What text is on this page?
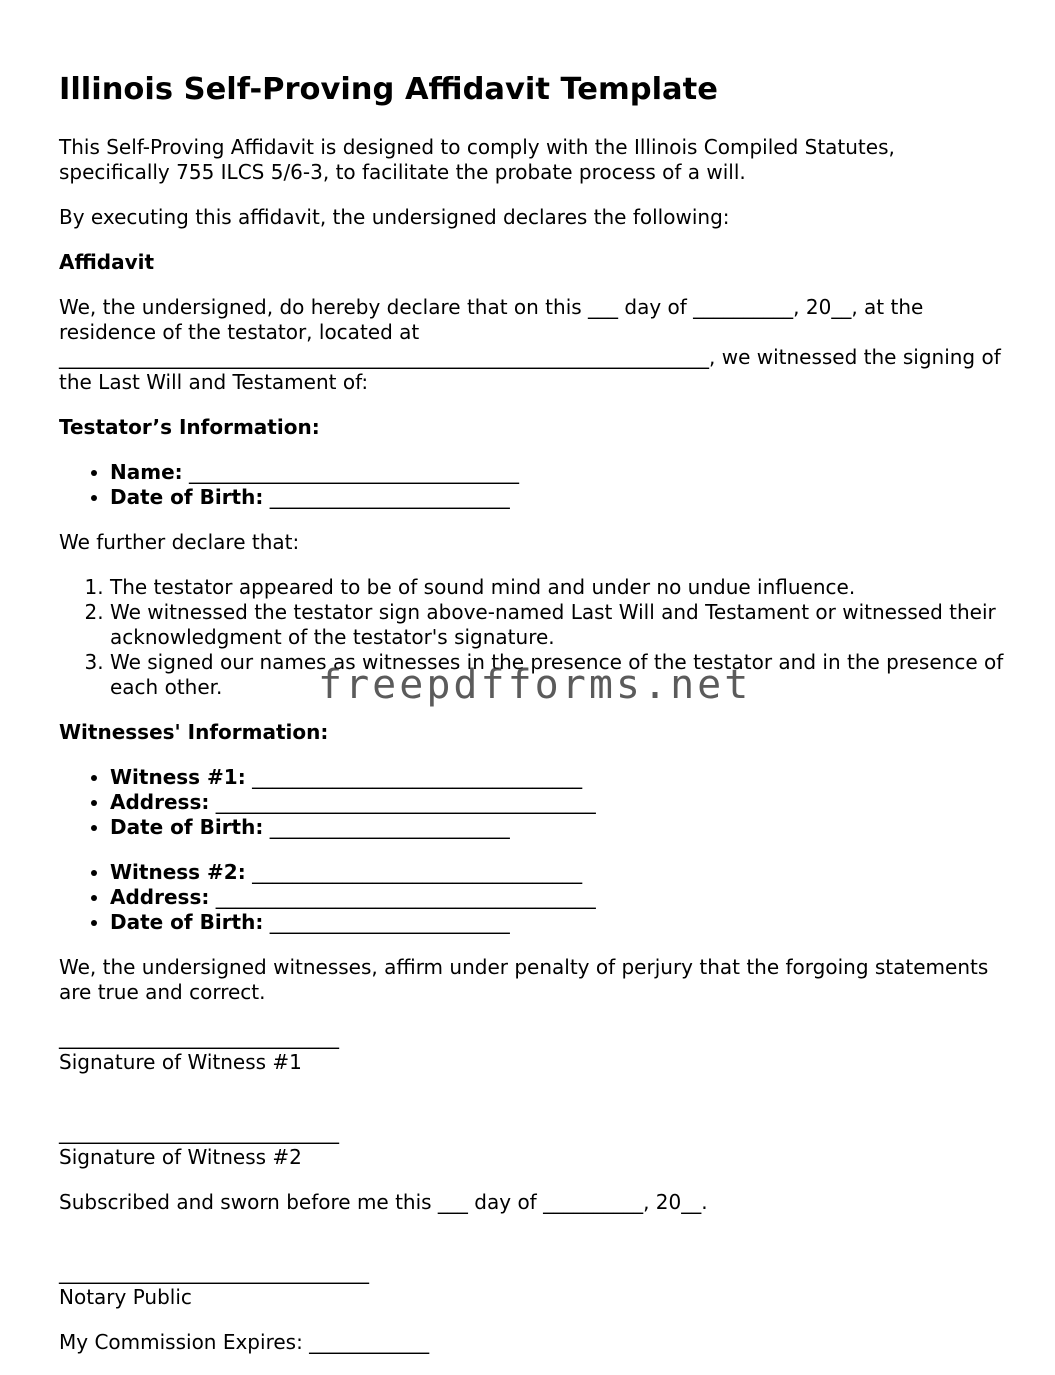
Illinois Self-Proving Affidavit Template

This Self-Proving Affidavit is designed to comply with the Illinois Compiled Statutes, specifically 755 ILCS 5/6-3, to facilitate the probate process of a will.

By executing this affidavit, the undersigned declares the following:

Affidavit

We, the undersigned, do hereby declare that on this ___ day of __________, 20__, at the residence of the testator, located at _________________________________________________________________, we witnessed the signing of the Last Will and Testament of:

Testator’s Information:
• Name: _________________________________
• Date of Birth: ________________________

We further declare that:

1. The testator appeared to be of sound mind and under no undue influence.
2. We witnessed the testator sign above-named Last Will and Testament or witnessed their acknowledgment of the testator's signature.
3. We signed our names as witnesses in the presence of the testator and in the presence of each other.
Witnesses' Information:
• Witness #1: _________________________________
• Address: ______________________________________
• Date of Birth: ________________________
• Witness #2: _________________________________
• Address: ______________________________________
• Date of Birth: ________________________

We, the undersigned witnesses, affirm under penalty of perjury that the forgoing statements are true and correct.

____________________________
Signature of Witness #1
____________________________
Signature of Witness #2

Subscribed and sworn before me this ___ day of __________, 20__.

_______________________________
Notary Public

My Commission Expires: ____________

freepdfforms.net
